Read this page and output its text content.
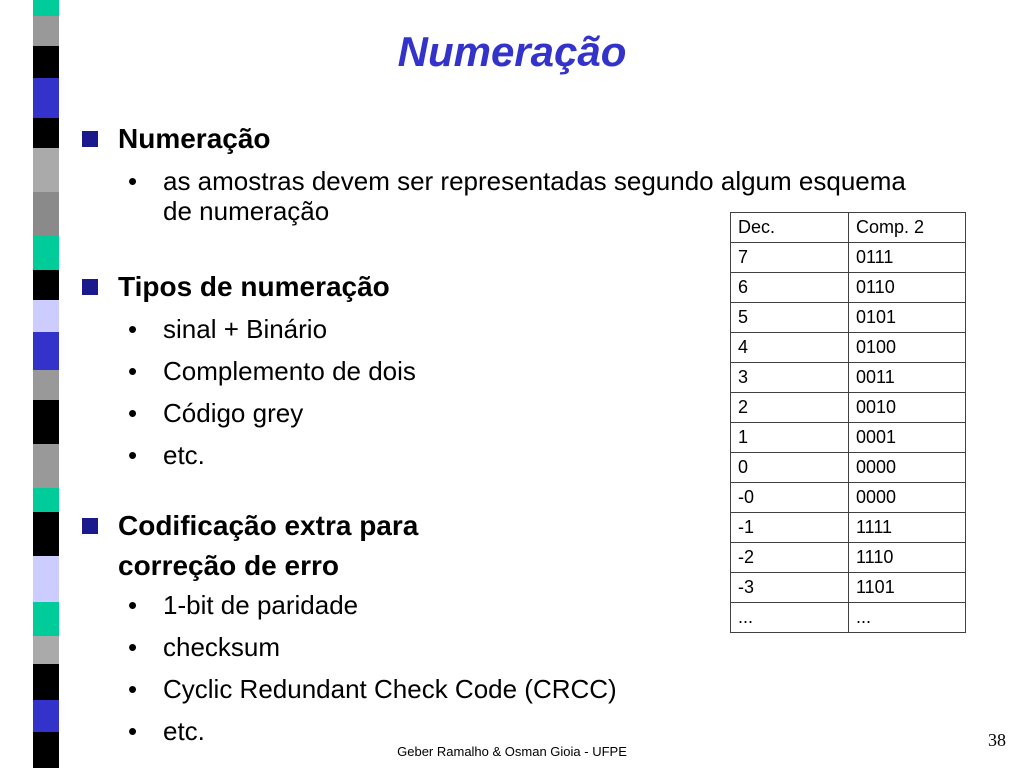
Numeração
Numeração
• as amostras devem ser representadas segundo algum esquema de numeração
Tipos de numeração
• sinal + Binário
• Complemento de dois
• Código grey
• etc.
Codificação extra para correção de erro
• 1-bit de paridade
• checksum
• Cyclic Redundant Check Code (CRCC)
• etc.
Dec.	Comp. 2
7	0111
6	0110
5	0101
4	0100
3	0011
2	0010
1	0001
0	0000
-0	0000
-1	1111
-2	1110
-3	1101
...	...
Geber Ramalho & Osman Gioia - UFPE
38
